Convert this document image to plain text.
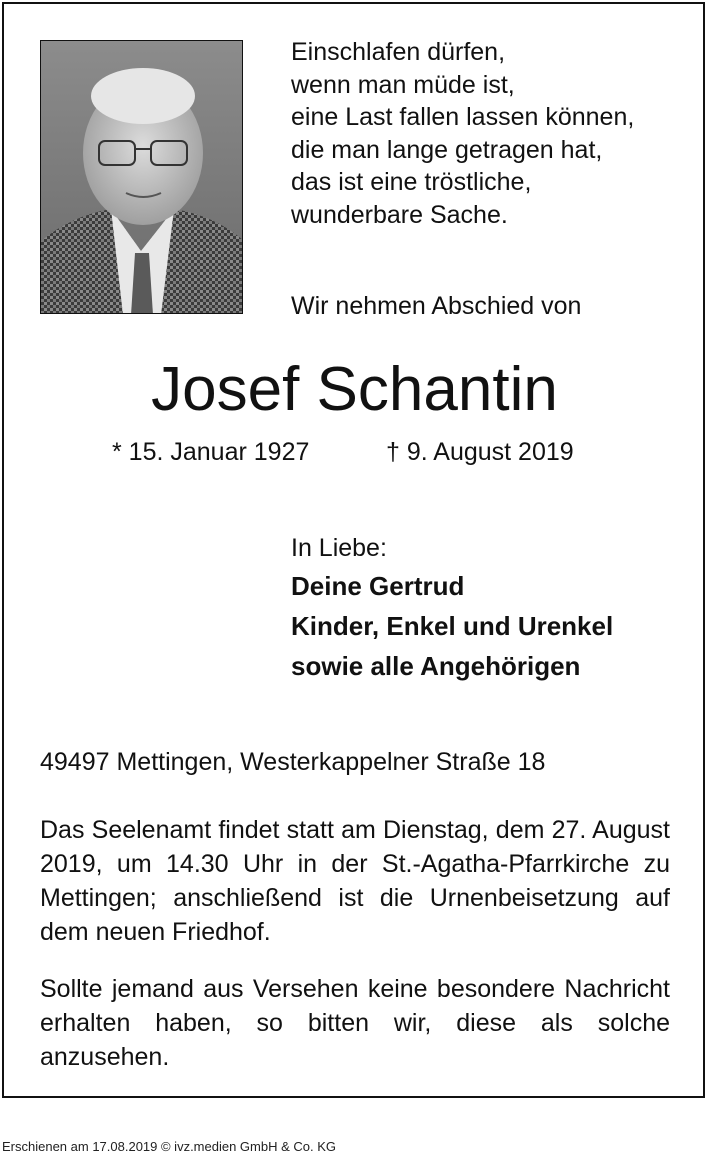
Einschlafen dürfen,
wenn man müde ist,
eine Last fallen lassen können,
die man lange getragen hat,
das ist eine tröstliche,
wunderbare Sache.
Wir nehmen Abschied von
Josef Schantin
* 15. Januar 1927	† 9. August 2019
In Liebe:
Deine Gertrud
Kinder, Enkel und Urenkel
sowie alle Angehörigen
49497 Mettingen, Westerkappelner Straße 18
Das Seelenamt findet statt am Dienstag, dem 27. August 2019, um 14.30 Uhr in der St.-Agatha-Pfarrkirche zu Mettingen; anschließend ist die Urnenbeisetzung auf dem neuen Friedhof.
Sollte jemand aus Versehen keine besondere Nachricht erhalten haben, so bitten wir, diese als solche anzusehen.
Erschienen am 17.08.2019 © ivz.medien GmbH & Co. KG
